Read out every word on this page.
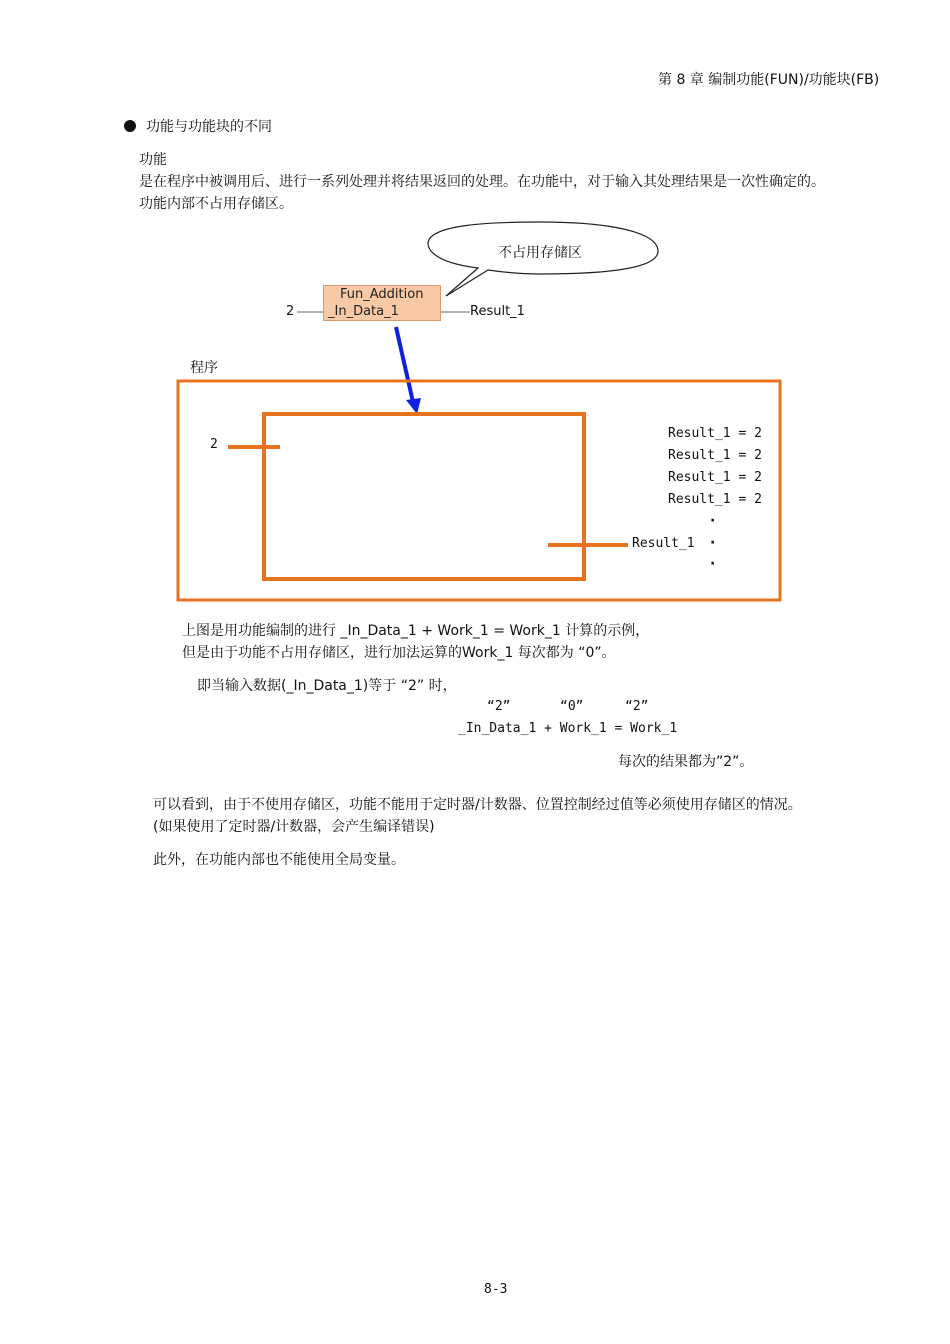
第 8 章 编制功能(FUN)/功能块(FB)
功能与功能块的不同
功能
是在程序中被调用后、进行一系列处理并将结果返回的处理。在功能中，对于输入其处理结果是一次性确定的。
功能内部不占用存储区。
不占用存储区
Fun_Addition
_In_Data_1
2	Result_1
程序
2
Result_1
Result_1 = 2
Result_1 = 2
Result_1 = 2
Result_1 = 2
·
·
·
上图是用功能编制的进行 _In_Data_1 + Work_1 = Work_1 计算的示例，
但是由于功能不占用存储区，进行加法运算的Work_1 每次都为 “0”。
即当输入数据(_In_Data_1)等于 “2” 时，
“2”	“0”	“2”
_In_Data_1 + Work_1 = Work_1
每次的结果都为”2”。
可以看到，由于不使用存储区，功能不能用于定时器/计数器、位置控制经过值等必须使用存储区的情况。
(如果使用了定时器/计数器，会产生编译错误)
此外，在功能内部也不能使用全局变量。
8-3
